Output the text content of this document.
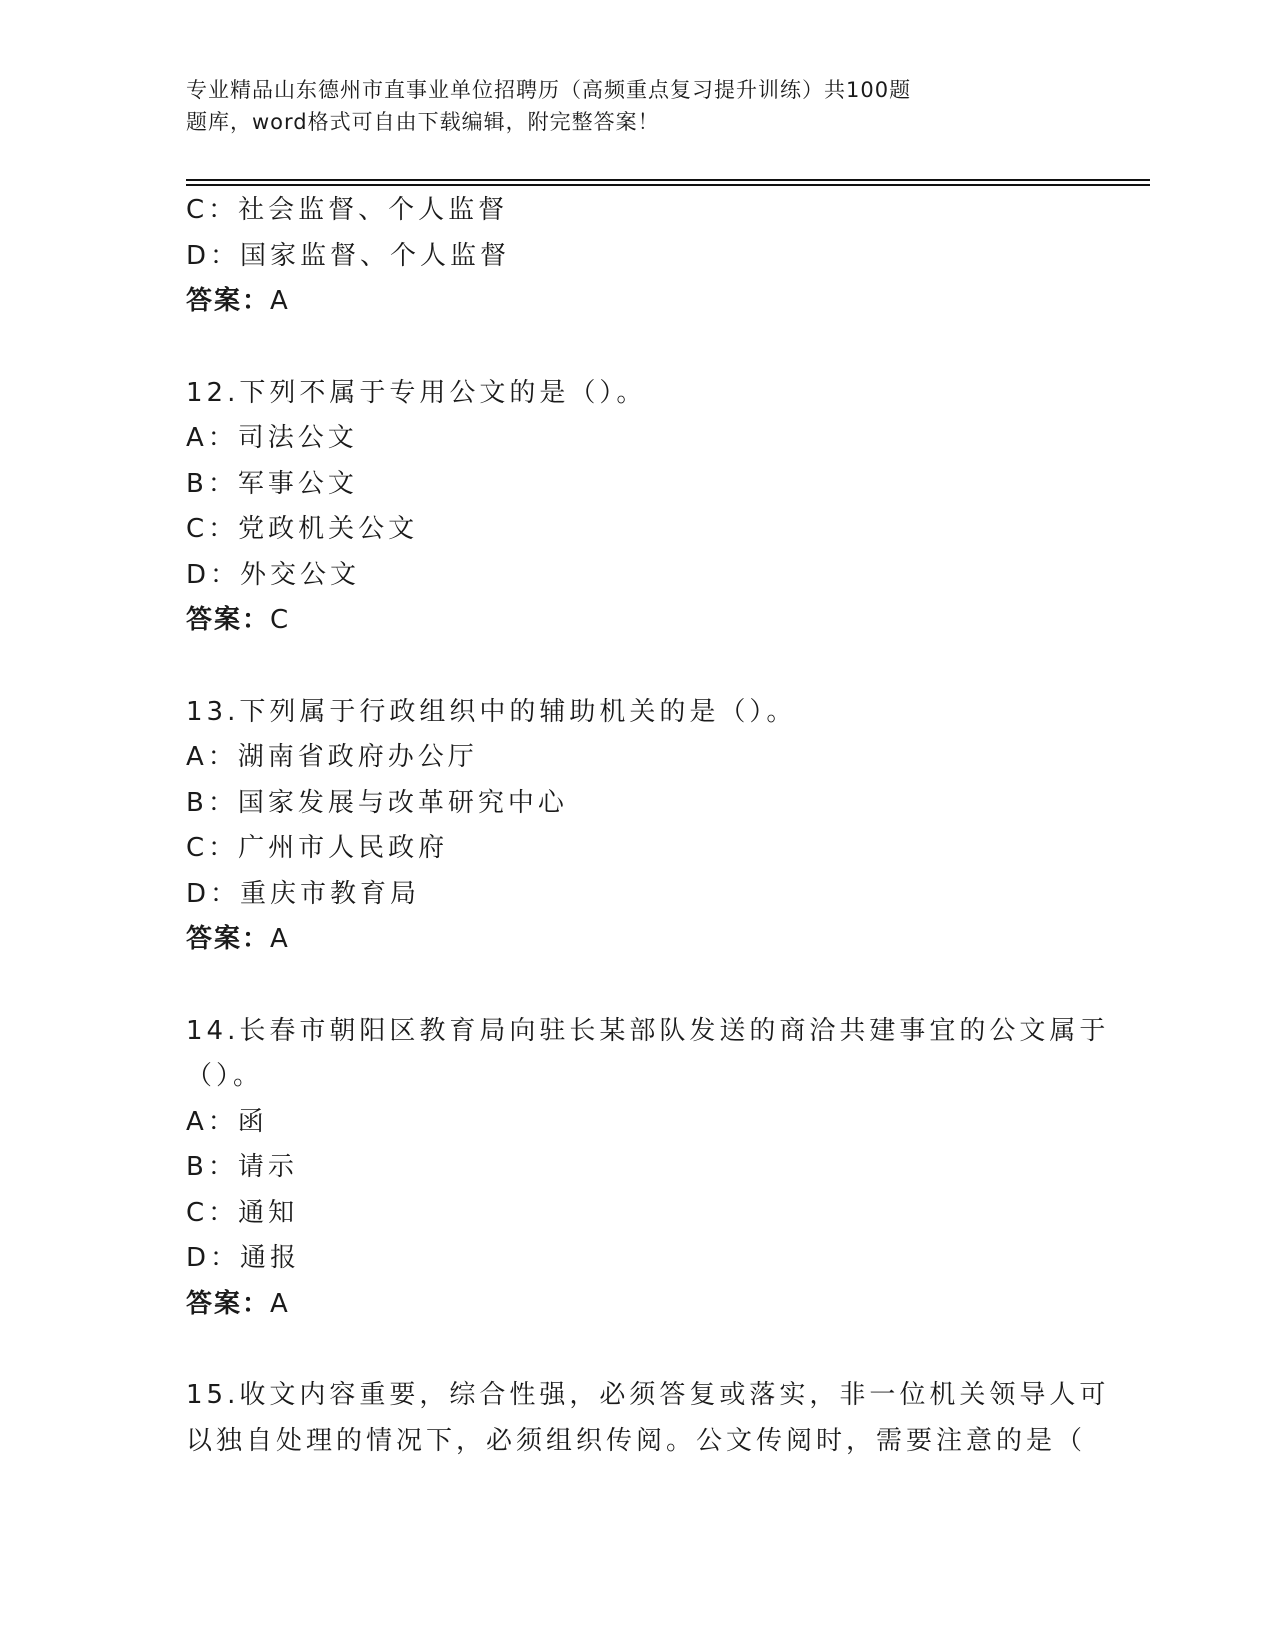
专业精品山东德州市直事业单位招聘历（高频重点复习提升训练）共100题
题库，word格式可自由下载编辑，附完整答案！
C：社会监督、个人监督
D：国家监督、个人监督
答案：A
12.下列不属于专用公文的是（）。
A：司法公文
B：军事公文
C：党政机关公文
D：外交公文
答案：C
13.下列属于行政组织中的辅助机关的是（）。
A：湖南省政府办公厅
B：国家发展与改革研究中心
C：广州市人民政府
D：重庆市教育局
答案：A
14.长春市朝阳区教育局向驻长某部队发送的商洽共建事宜的公文属于
（）。
A：函
B：请示
C：通知
D：通报
答案：A
15.收文内容重要，综合性强，必须答复或落实，非一位机关领导人可
以独自处理的情况下，必须组织传阅。公文传阅时，需要注意的是（
